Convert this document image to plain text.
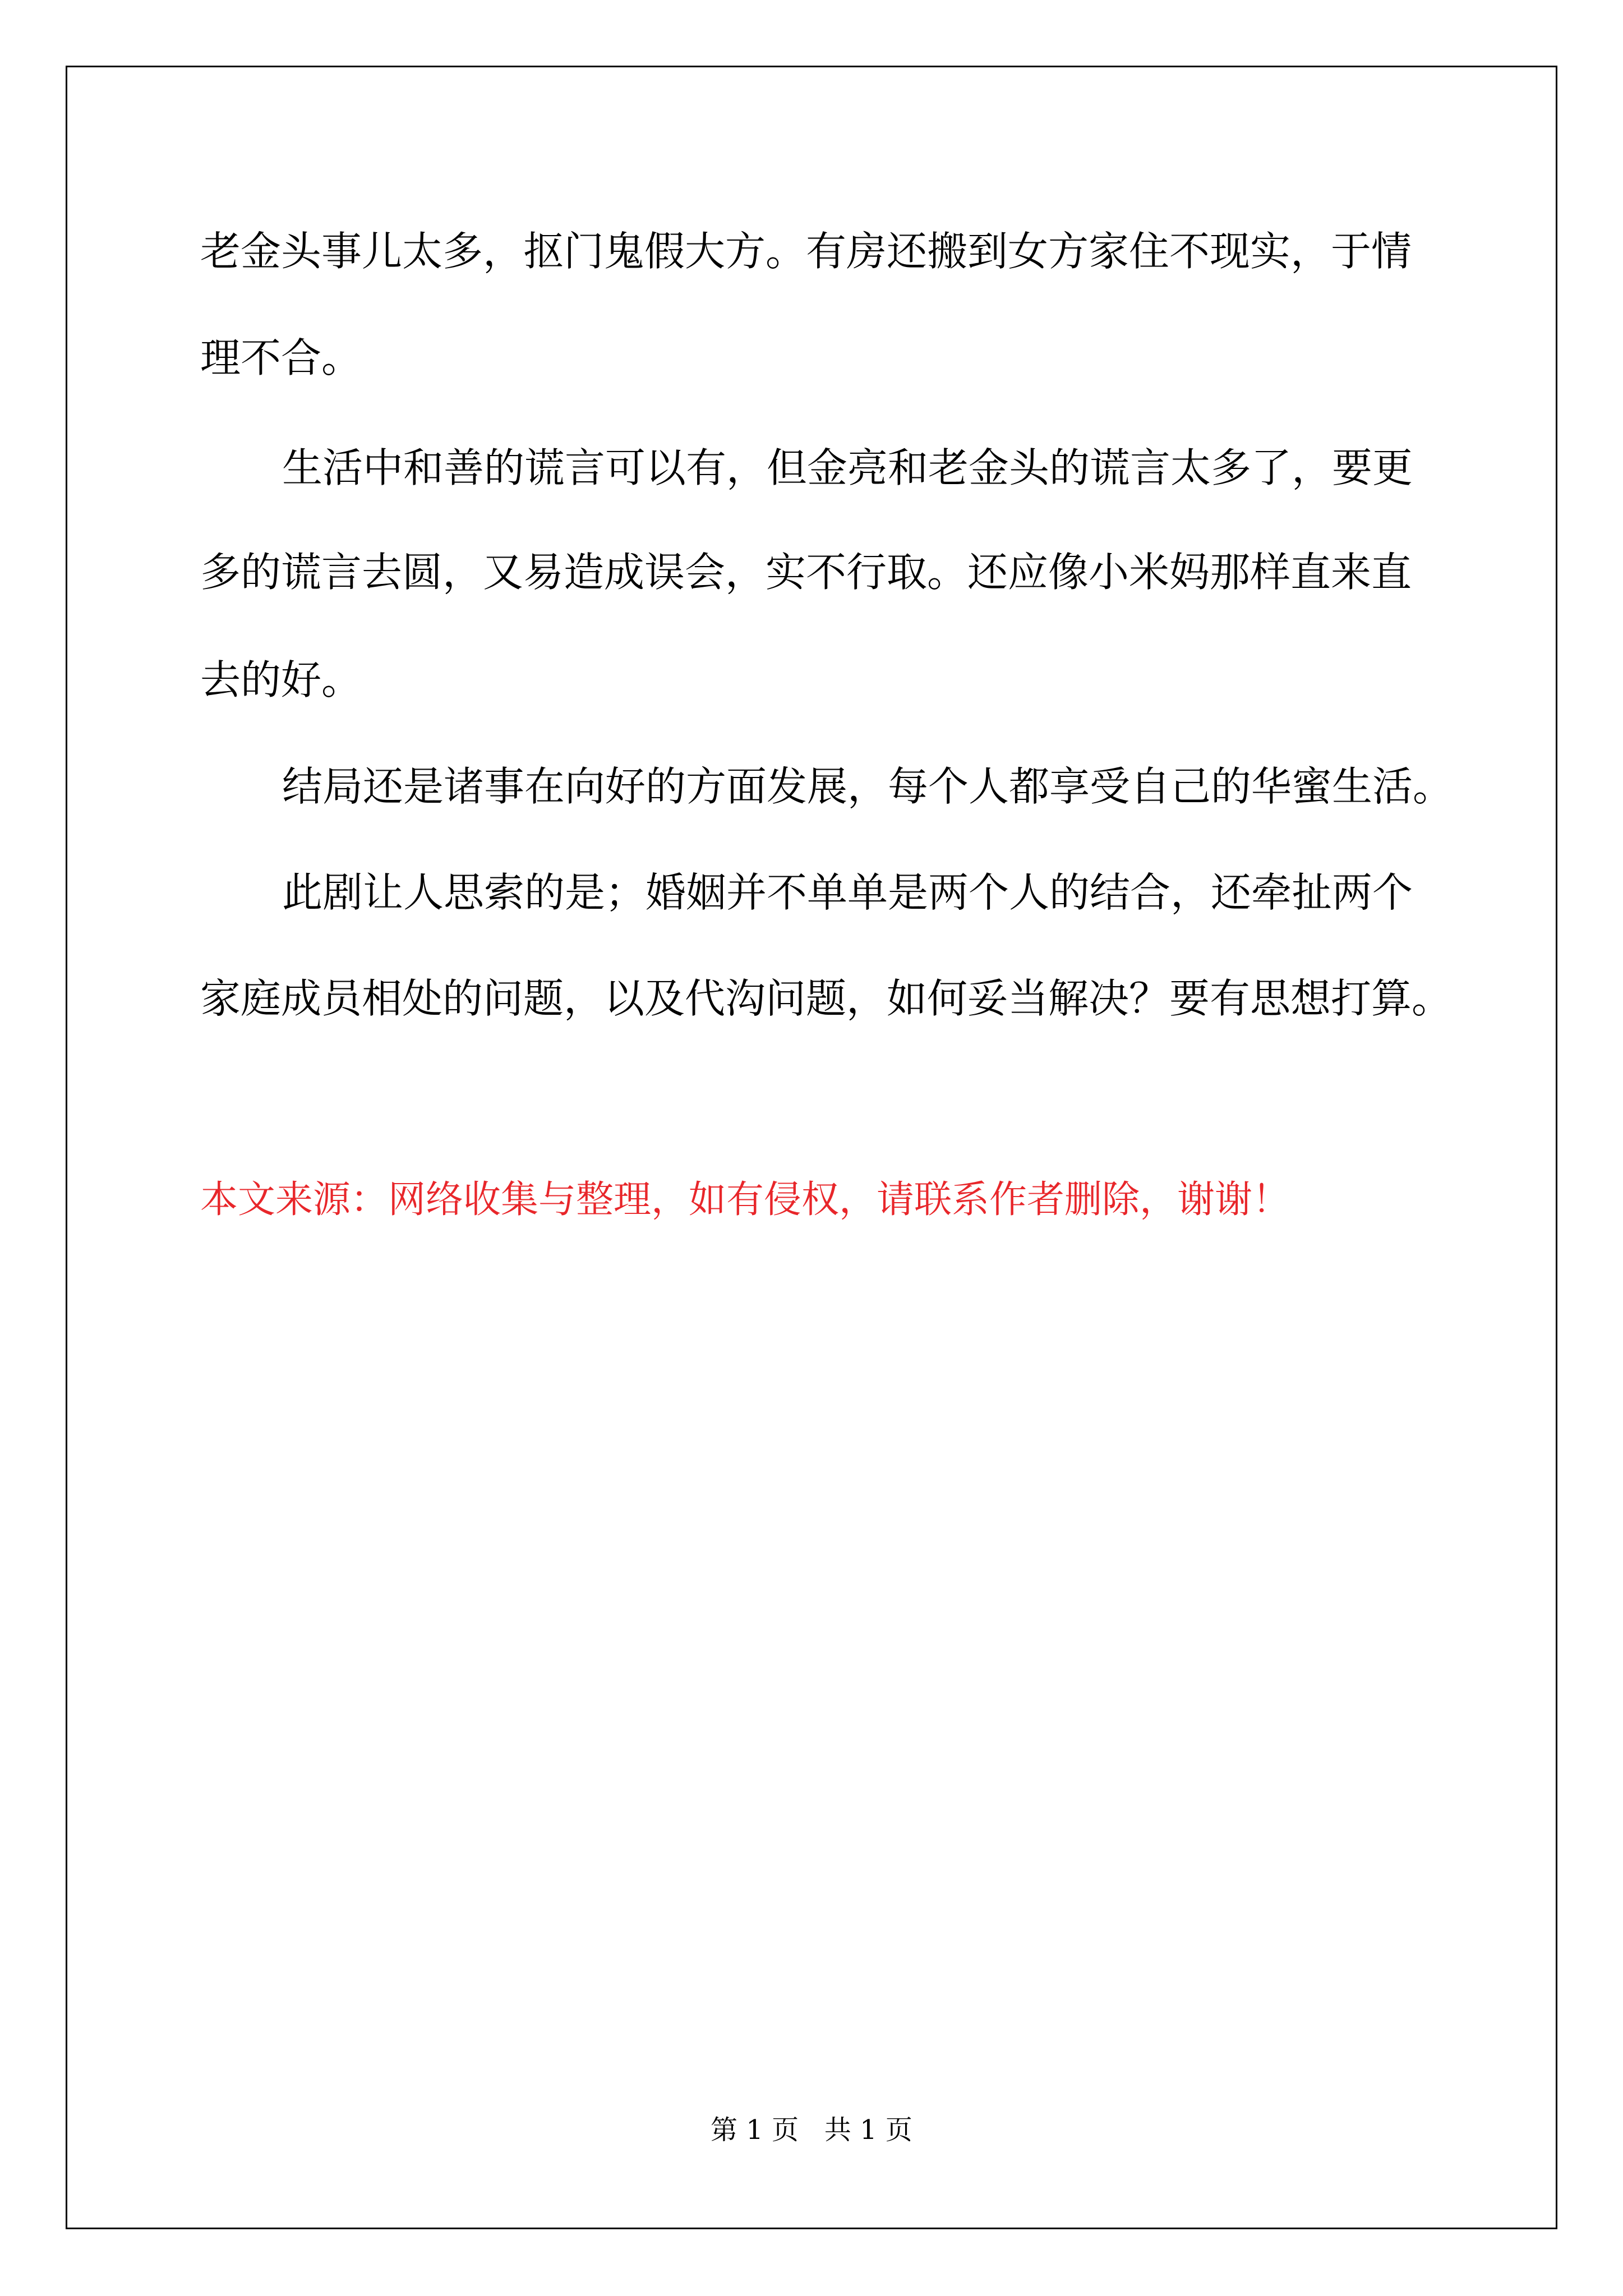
老金头事儿太多，抠门鬼假大方。有房还搬到女方家住不现实，于情
理不合。
生活中和善的谎言可以有，但金亮和老金头的谎言太多了，要更
多的谎言去圆，又易造成误会，实不行取。还应像小米妈那样直来直
去的好。
结局还是诸事在向好的方面发展，每个人都享受自己的华蜜生活。
此剧让人思索的是；婚姻并不单单是两个人的结合，还牵扯两个
家庭成员相处的问题，以及代沟问题，如何妥当解决？要有思想打算。
本文来源：网络收集与整理，如有侵权，请联系作者删除，谢谢！
第 1 页   共 1 页
